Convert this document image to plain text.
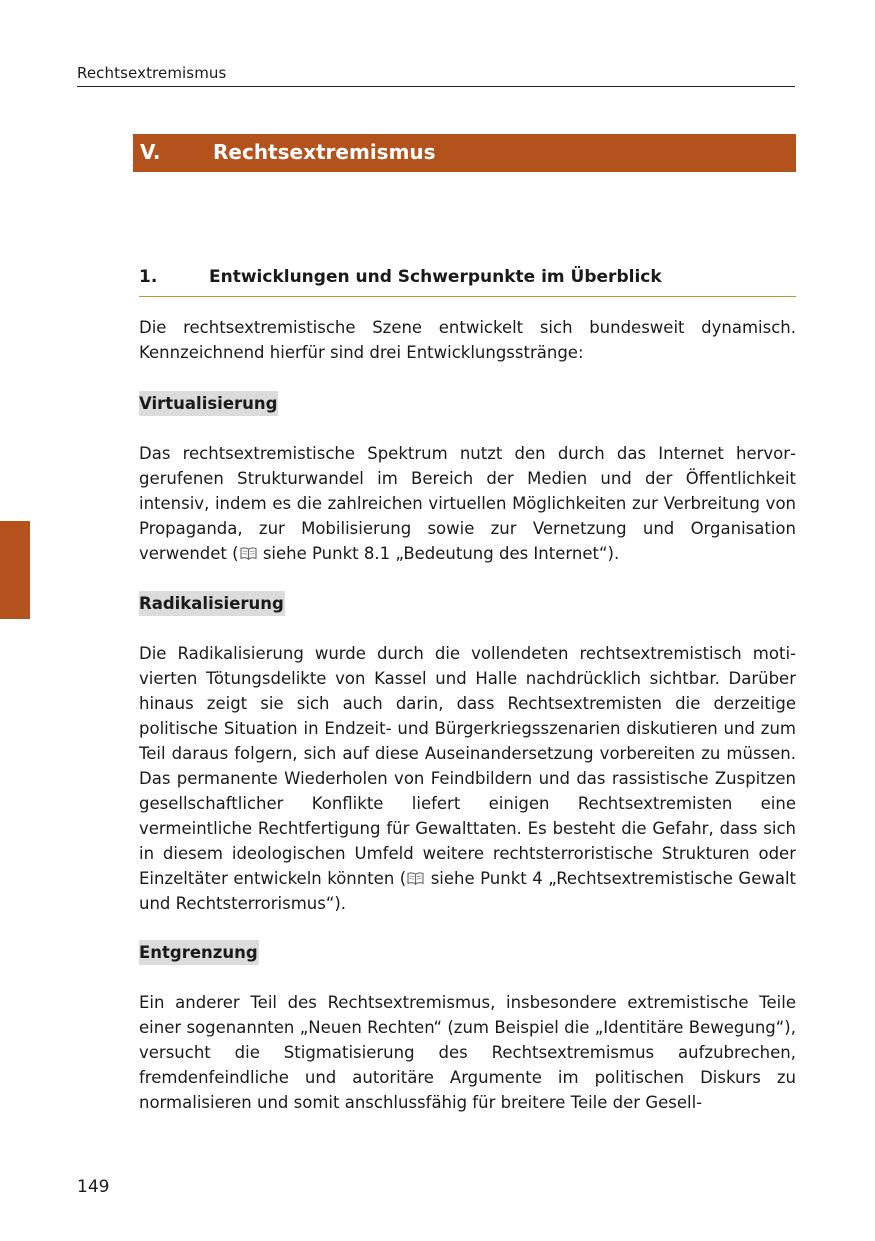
Rechtsextremismus
V.	Rechtsextremismus
1.	Entwicklungen und Schwerpunkte im Überblick
Die rechtsextremistische Szene entwickelt sich bundesweit dynamisch. Kennzeichnend hierfür sind drei Entwicklungsstränge:
Virtualisierung
Das rechtsextremistische Spektrum nutzt den durch das Internet hervorgerufenen Strukturwandel im Bereich der Medien und der Öffentlichkeit intensiv, indem es die zahlreichen virtuellen Möglichkeiten zur Verbreitung von Propaganda, zur Mobilisierung sowie zur Vernetzung und Organisation verwendet ( siehe Punkt 8.1 „Bedeutung des Internet“).
Radikalisierung
Die Radikalisierung wurde durch die vollendeten rechtsextremistisch motivierten Tötungsdelikte von Kassel und Halle nachdrücklich sichtbar. Darüber hinaus zeigt sie sich auch darin, dass Rechtsextremisten die derzeitige politische Situation in Endzeit- und Bürgerkriegsszenarien diskutieren und zum Teil daraus folgern, sich auf diese Auseinandersetzung vorbereiten zu müssen. Das permanente Wiederholen von Feindbildern und das rassistische Zuspitzen gesellschaftlicher Konflikte liefert einigen Rechtsextremisten eine vermeintliche Rechtfertigung für Gewalttaten. Es besteht die Gefahr, dass sich in diesem ideologischen Umfeld weitere rechtsterroristische Strukturen oder Einzeltäter entwickeln könnten ( siehe Punkt 4 „Rechtsextremistische Gewalt und Rechtsterrorismus“).
Entgrenzung
Ein anderer Teil des Rechtsextremismus, insbesondere extremistische Teile einer sogenannten „Neuen Rechten“ (zum Beispiel die „Identitäre Bewegung“), versucht die Stigmatisierung des Rechtsextremismus aufzubrechen, fremdenfeindliche und autoritäre Argumente im politischen Diskurs zu normalisieren und somit anschlussfähig für breitere Teile der Gesell-
149
